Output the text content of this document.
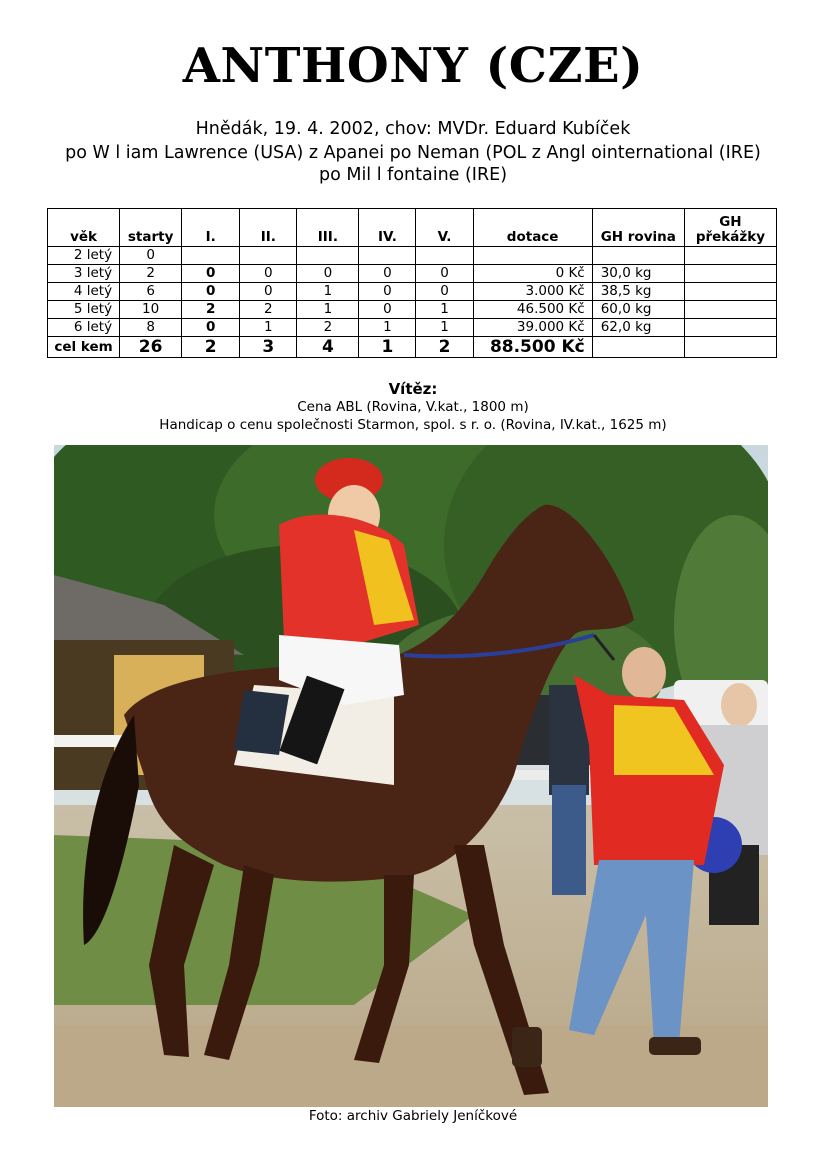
ANTHONY (CZE)
Hnědák, 19. 4. 2002, chov: MVDr. Eduard Kubíček
po W l iam Lawrence (USA) z Apanei po Neman (POL z Angl ointernational (IRE)
po Mil l fontaine (IRE)
věk	starty	I.	II.	III.	IV.	V.	dotace	GH rovina	GH překážky
2 letý	0								
3 letý	2	0	0	0	0	0	0 Kč	30,0 kg	
4 letý	6	0	0	1	0	0	3.000 Kč	38,5 kg	
5 letý	10	2	2	1	0	1	46.500 Kč	60,0 kg	
6 letý	8	0	1	2	1	1	39.000 Kč	62,0 kg	
cel kem	26	2	3	4	1	2	88.500 Kč		
Vítěz:
Cena ABL (Rovina, V.kat., 1800 m)
Handicap o cenu společnosti Starmon, spol. s r. o. (Rovina, IV.kat., 1625 m)
Foto: archiv Gabriely Jeníčkové
